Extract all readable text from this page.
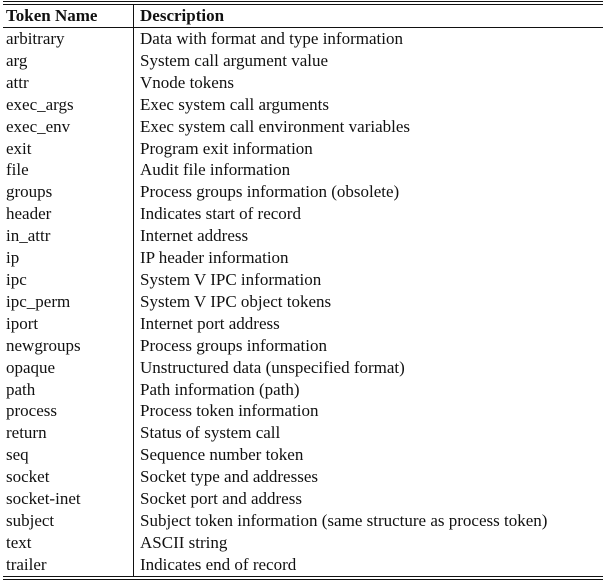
Token Name	Description
arbitrary	Data with format and type information
arg	System call argument value
attr	Vnode tokens
exec_args	Exec system call arguments
exec_env	Exec system call environment variables
exit	Program exit information
file	Audit file information
groups	Process groups information (obsolete)
header	Indicates start of record
in_attr	Internet address
ip	IP header information
ipc	System V IPC information
ipc_perm	System V IPC object tokens
iport	Internet port address
newgroups	Process groups information
opaque	Unstructured data (unspecified format)
path	Path information (path)
process	Process token information
return	Status of system call
seq	Sequence number token
socket	Socket type and addresses
socket-inet	Socket port and address
subject	Subject token information (same structure as process token)
text	ASCII string
trailer	Indicates end of record
